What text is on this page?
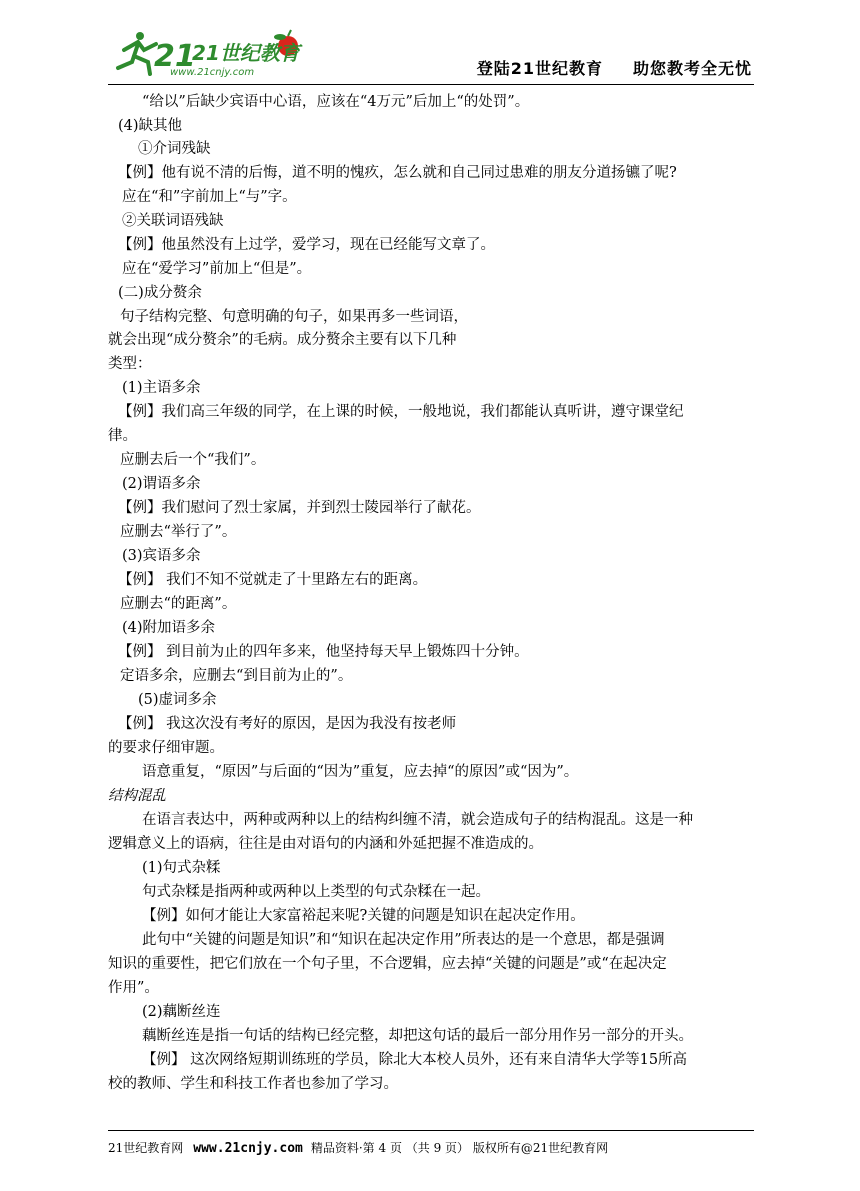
21
21世纪教育
www.21cnjy.com	登陆21世纪教育 助您教考全无忧
“给以”后缺少宾语中心语，应该在“4万元”后加上“的处罚”。
(4)缺其他
①介词残缺
【例】他有说不清的后悔，道不明的愧疚，怎么就和自己同过患难的朋友分道扬镳了呢?
应在“和”字前加上“与”字。
②关联词语残缺
【例】他虽然没有上过学，爱学习，现在已经能写文章了。
应在“爱学习”前加上“但是”。
(二)成分赘余
句子结构完整、句意明确的句子，如果再多一些词语，
就会出现“成分赘余”的毛病。成分赘余主要有以下几种
类型：
(1)主语多余
【例】我们高三年级的同学，在上课的时候，一般地说，我们都能认真听讲，遵守课堂纪
律。
应删去后一个“我们”。
(2)谓语多余
【例】我们慰问了烈士家属，并到烈士陵园举行了献花。
应删去“举行了”。
(3)宾语多余
【例】 我们不知不觉就走了十里路左右的距离。
应删去“的距离”。
(4)附加语多余
【例】 到目前为止的四年多来，他坚持每天早上锻炼四十分钟。
定语多余，应删去“到目前为止的”。
(5)虚词多余
【例】 我这次没有考好的原因，是因为我没有按老师
的要求仔细审题。
语意重复，“原因”与后面的“因为”重复，应去掉“的原因”或“因为”。
结构混乱
在语言表达中，两种或两种以上的结构纠缠不清，就会造成句子的结构混乱。这是一种
逻辑意义上的语病，往往是由对语句的内涵和外延把握不准造成的。
(1)句式杂糅
句式杂糅是指两种或两种以上类型的句式杂糅在一起。
【例】如何才能让大家富裕起来呢?关键的问题是知识在起决定作用。
此句中“关键的问题是知识”和“知识在起决定作用”所表达的是一个意思，都是强调
知识的重要性，把它们放在一个句子里，不合逻辑，应去掉“关键的问题是”或“在起决定
作用”。
(2)藕断丝连
藕断丝连是指一句话的结构已经完整，却把这句话的最后一部分用作另一部分的开头。
【例】 这次网络短期训练班的学员，除北大本校人员外，还有来自清华大学等15所高
校的教师、学生和科技工作者也参加了学习。
21世纪教育网 www.21cnjy.com 精品资料·第 4 页 （共 9 页） 版权所有@21世纪教育网
